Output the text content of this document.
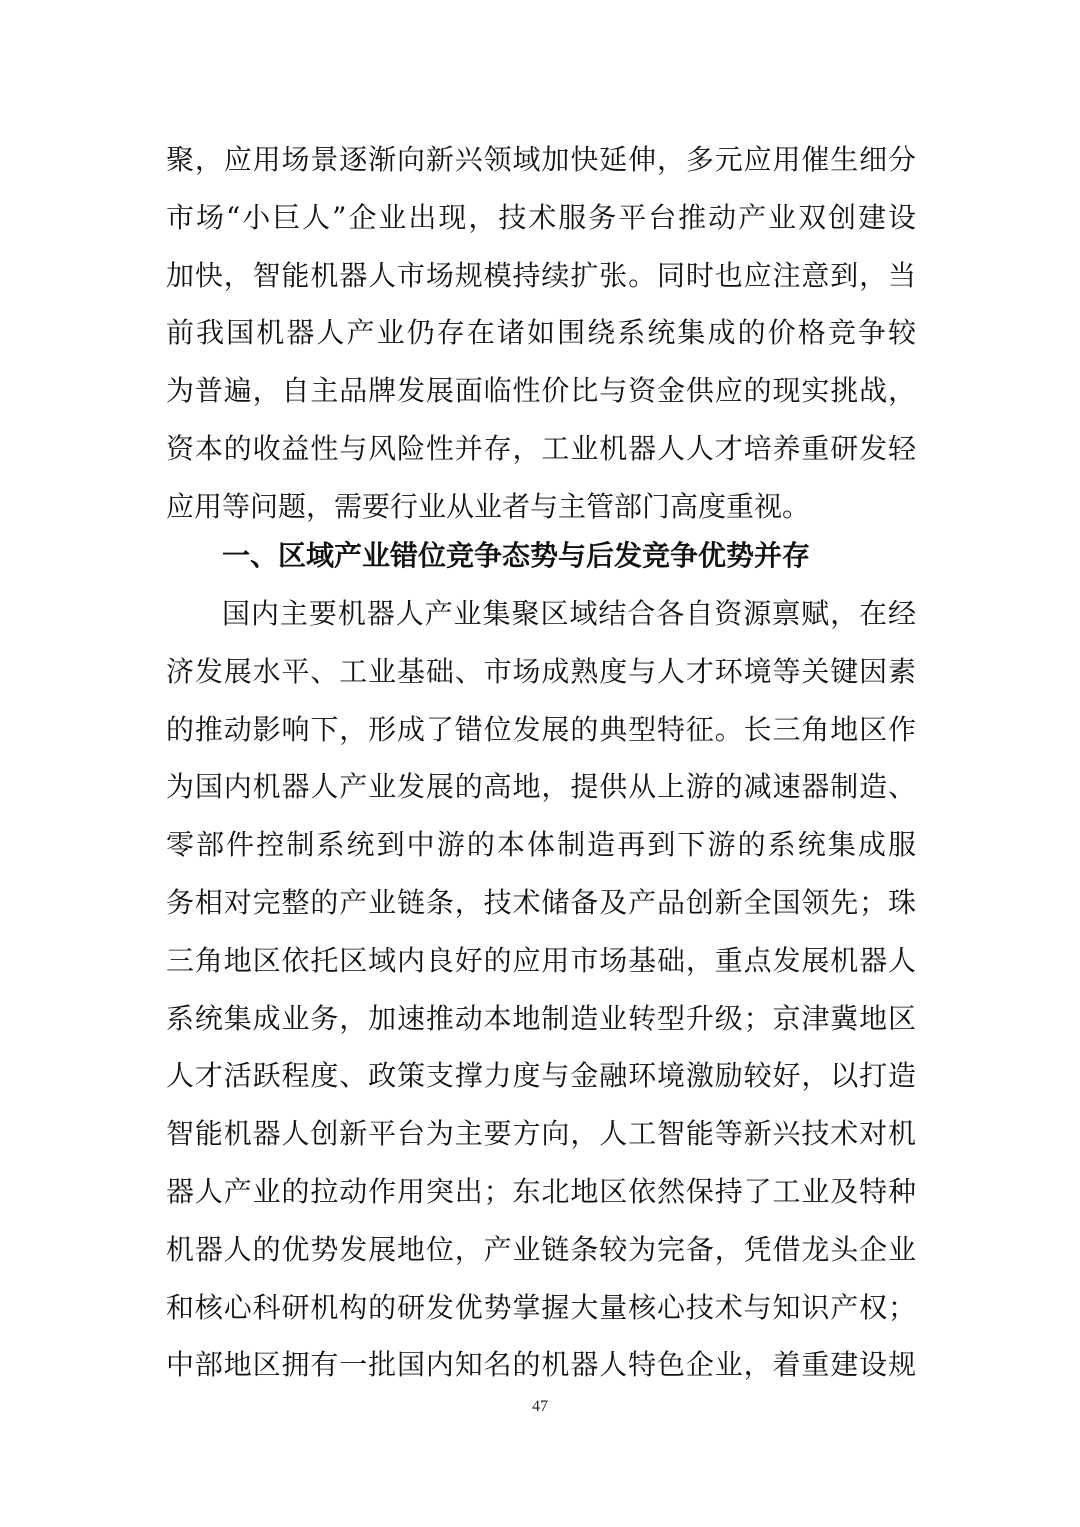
聚，应用场景逐渐向新兴领域加快延伸，多元应用催生细分
市场“小巨人”企业出现，技术服务平台推动产业双创建设
加快，智能机器人市场规模持续扩张。同时也应注意到，当
前我国机器人产业仍存在诸如围绕系统集成的价格竞争较
为普遍，自主品牌发展面临性价比与资金供应的现实挑战，
资本的收益性与风险性并存，工业机器人人才培养重研发轻
应用等问题，需要行业从业者与主管部门高度重视。
一、区域产业错位竞争态势与后发竞争优势并存
国内主要机器人产业集聚区域结合各自资源禀赋，在经
济发展水平、工业基础、市场成熟度与人才环境等关键因素
的推动影响下，形成了错位发展的典型特征。长三角地区作
为国内机器人产业发展的高地，提供从上游的减速器制造、
零部件控制系统到中游的本体制造再到下游的系统集成服
务相对完整的产业链条，技术储备及产品创新全国领先；珠
三角地区依托区域内良好的应用市场基础，重点发展机器人
系统集成业务，加速推动本地制造业转型升级；京津冀地区
人才活跃程度、政策支撑力度与金融环境激励较好，以打造
智能机器人创新平台为主要方向，人工智能等新兴技术对机
器人产业的拉动作用突出；东北地区依然保持了工业及特种
机器人的优势发展地位，产业链条较为完备，凭借龙头企业
和核心科研机构的研发优势掌握大量核心技术与知识产权；
中部地区拥有一批国内知名的机器人特色企业，着重建设规
47
